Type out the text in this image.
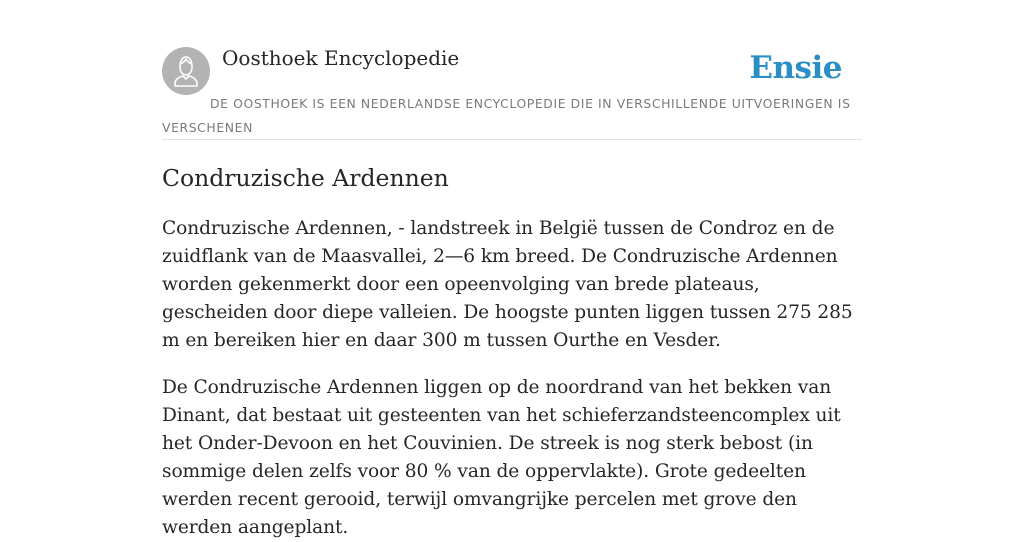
Oosthoek Encyclopedie	Ensie
DE OOSTHOEK IS EEN NEDERLANDSE ENCYCLOPEDIE DIE IN VERSCHILLENDE UITVOERINGEN IS VERSCHENEN
Condruzische Ardennen

Condruzische Ardennen, - landstreek in België tussen de Condroz en de zuidflank van de Maasvallei, 2—6 km breed. De Condruzische Ardennen worden gekenmerkt door een opeenvolging van brede plateaus, gescheiden door diepe valleien. De hoogste punten liggen tussen 275 285 m en bereiken hier en daar 300 m tussen Ourthe en Vesder.

De Condruzische Ardennen liggen op de noordrand van het bekken van Dinant, dat bestaat uit gesteenten van het schieferzandsteencomplex uit het Onder-Devoon en het Couvinien. De streek is nog sterk bebost (in sommige delen zelfs voor 80 % van de oppervlakte). Grote gedeelten werden recent gerooid, terwijl omvangrijke percelen met grove den werden aangeplant.
